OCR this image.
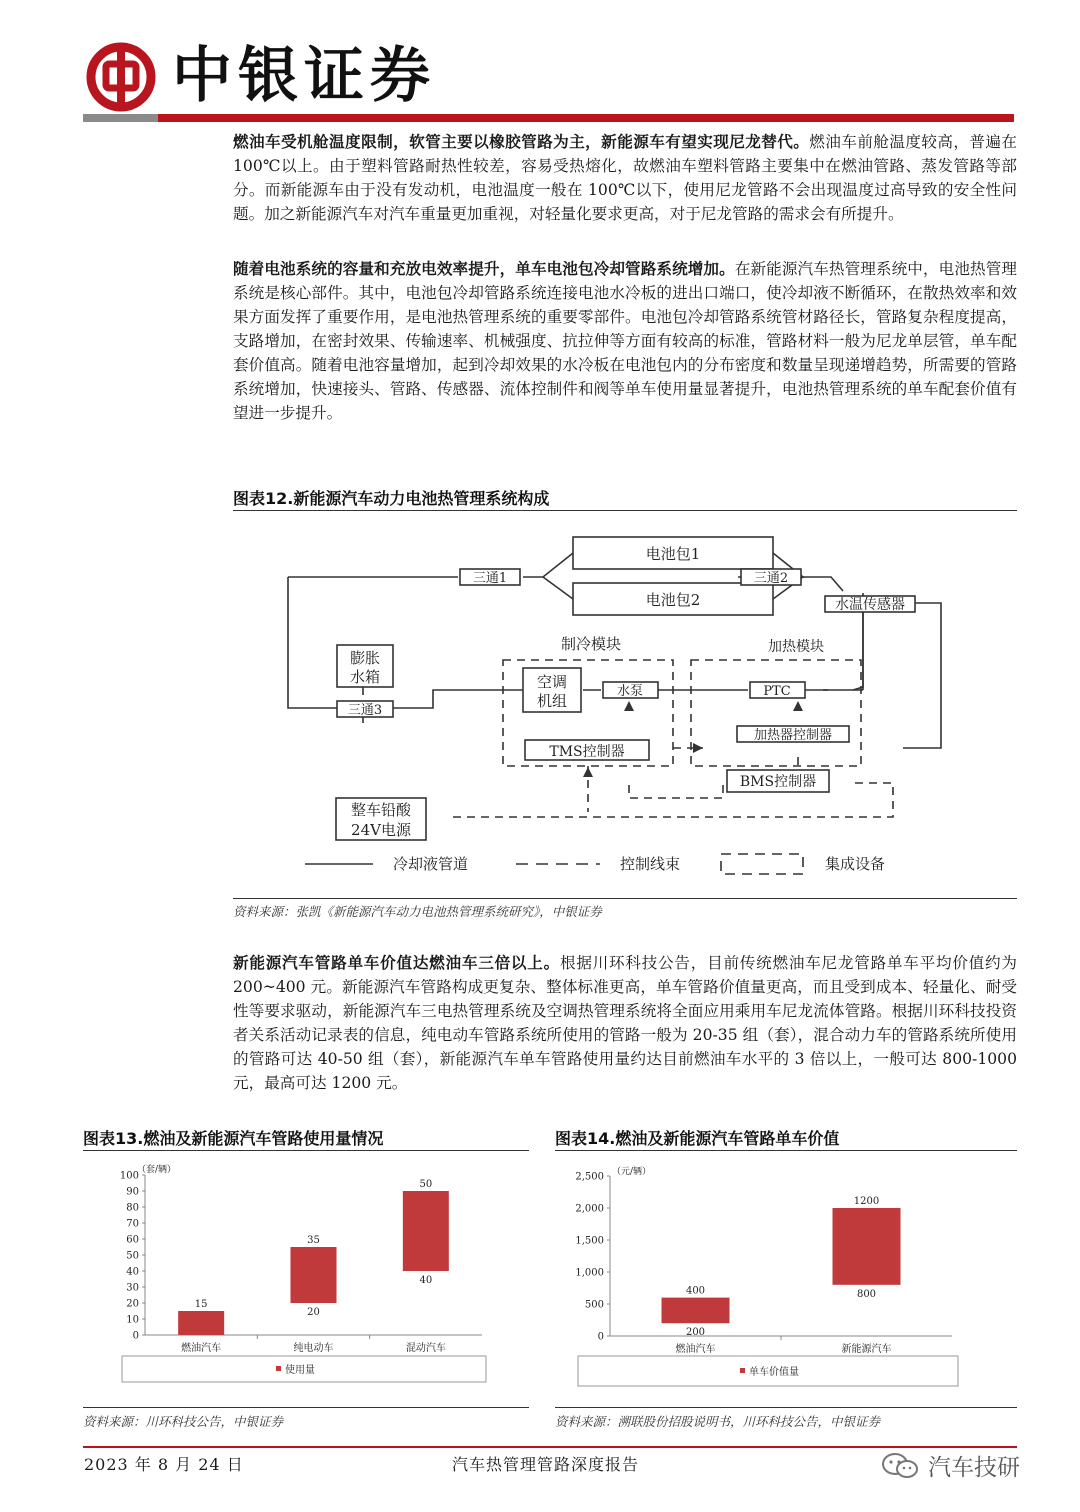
中银证券
燃油车受机舱温度限制，软管主要以橡胶管路为主，新能源车有望实现尼龙替代。燃油车前舱温度较高，普遍在 100℃以上。由于塑料管路耐热性较差，容易受热熔化，故燃油车塑料管路主要集中在燃油管路、蒸发管路等部分。而新能源车由于没有发动机，电池温度一般在 100℃以下，使用尼龙管路不会出现温度过高导致的安全性问题。加之新能源汽车对汽车重量更加重视，对轻量化要求更高，对于尼龙管路的需求会有所提升。
随着电池系统的容量和充放电效率提升，单车电池包冷却管路系统增加。在新能源汽车热管理系统中，电池热管理系统是核心部件。其中，电池包冷却管路系统连接电池水冷板的进出口端口，使冷却液不断循环，在散热效率和效果方面发挥了重要作用，是电池热管理系统的重要零部件。电池包冷却管路系统管材路径长，管路复杂程度提高，支路增加，在密封效果、传输速率、机械强度、抗拉伸等方面有较高的标准，管路材料一般为尼龙单层管，单车配套价值高。随着电池容量增加，起到冷却效果的水冷板在电池包内的分布密度和数量呈现递增趋势，所需要的管路系统增加，快速接头、管路、传感器、流体控制件和阀等单车使用量显著提升，电池热管理系统的单车配套价值有望进一步提升。
图表12.新能源汽车动力电池热管理系统构成
电池包1
电池包2
三通1	三通2
水温传感器
制冷模块	加热模块
膨胀
水箱
三通3
空调
机组
水泵	PTC
加热器控制器
TMS控制器
BMS控制器
整车铅酸
24V电源
冷却液管道	控制线束	集成设备
资料来源：张凯《新能源汽车动力电池热管理系统研究》，中银证券
新能源汽车管路单车价值达燃油车三倍以上。根据川环科技公告，目前传统燃油车尼龙管路单车平均价值约为 200~400 元。新能源汽车管路构成更复杂、整体标准更高，单车管路价值量更高，而且受到成本、轻量化、耐受性等要求驱动，新能源汽车三电热管理系统及空调热管理系统将全面应用乘用车尼龙流体管路。根据川环科技投资者关系活动记录表的信息，纯电动车管路系统所使用的管路一般为 20-35 组（套），混合动力车的管路系统所使用的管路可达 40-50 组（套），新能源汽车单车管路使用量约达目前燃油车水平的 3 倍以上，一般可达 800-1000 元，最高可达 1200 元。
图表13.燃油及新能源汽车管路使用量情况
使用量
（套/辆）
0
10
20
30
40
50
60
70
80
90
100
燃油汽车
15
纯电动车
35
20
混动汽车
50
40
资料来源：川环科技公告，中银证券
图表14.燃油及新能源汽车管路单车价值
单车价值量
（元/辆）
0
500
1,000
1,500
2,000
2,500
燃油汽车
400
200
新能源汽车
1200
800
资料来源：溯联股份招股说明书，川环科技公告，中银证券
2023 年 8 月 24 日	汽车热管理管路深度报告	汽车技研
